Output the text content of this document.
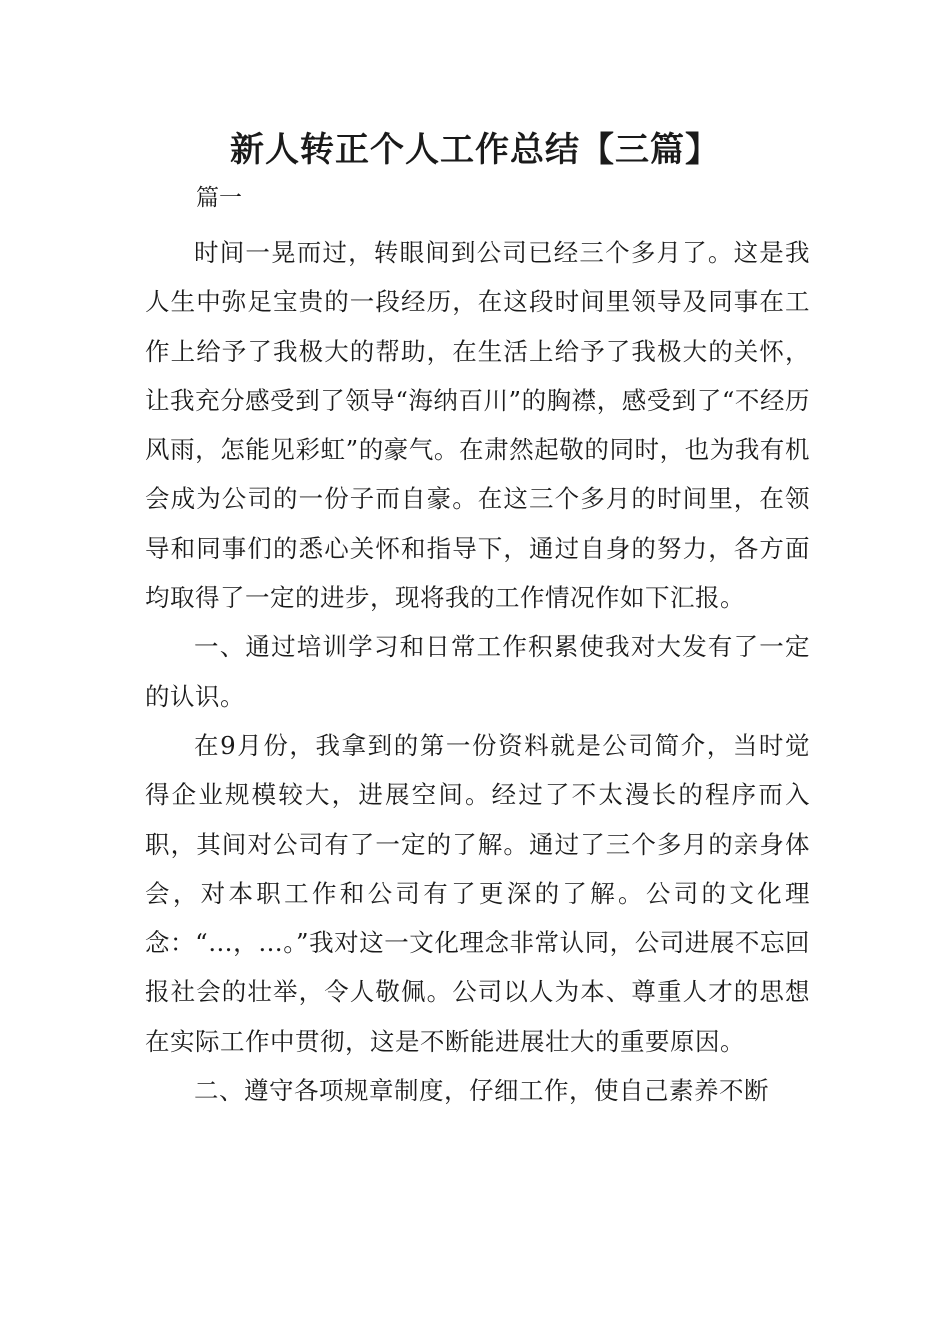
新人转正个人工作总结【三篇】

篇一

时间一晃而过，转眼间到公司已经三个多月了。这是我人生中弥足宝贵的一段经历，在这段时间里领导及同事在工作上给予了我极大的帮助，在生活上给予了我极大的关怀，让我充分感受到了领导“海纳百川”的胸襟，感受到了“不经历风雨，怎能见彩虹”的豪气。在肃然起敬的同时，也为我有机会成为公司的一份子而自豪。在这三个多月的时间里，在领导和同事们的悉心关怀和指导下，通过自身的努力，各方面均取得了一定的进步，现将我的工作情况作如下汇报。

一、通过培训学习和日常工作积累使我对大发有了一定的认识。

在9月份，我拿到的第一份资料就是公司简介，当时觉得企业规模较大，进展空间。经过了不太漫长的程序而入职，其间对公司有了一定的了解。通过了三个多月的亲身体会，对本职工作和公司有了更深的了解。公司的文化理念：“…，…。”我对这一文化理念非常认同，公司进展不忘回报社会的壮举，令人敬佩。公司以人为本、尊重人才的思想在实际工作中贯彻，这是不断能进展壮大的重要原因。

二、遵守各项规章制度，仔细工作，使自己素养不断
